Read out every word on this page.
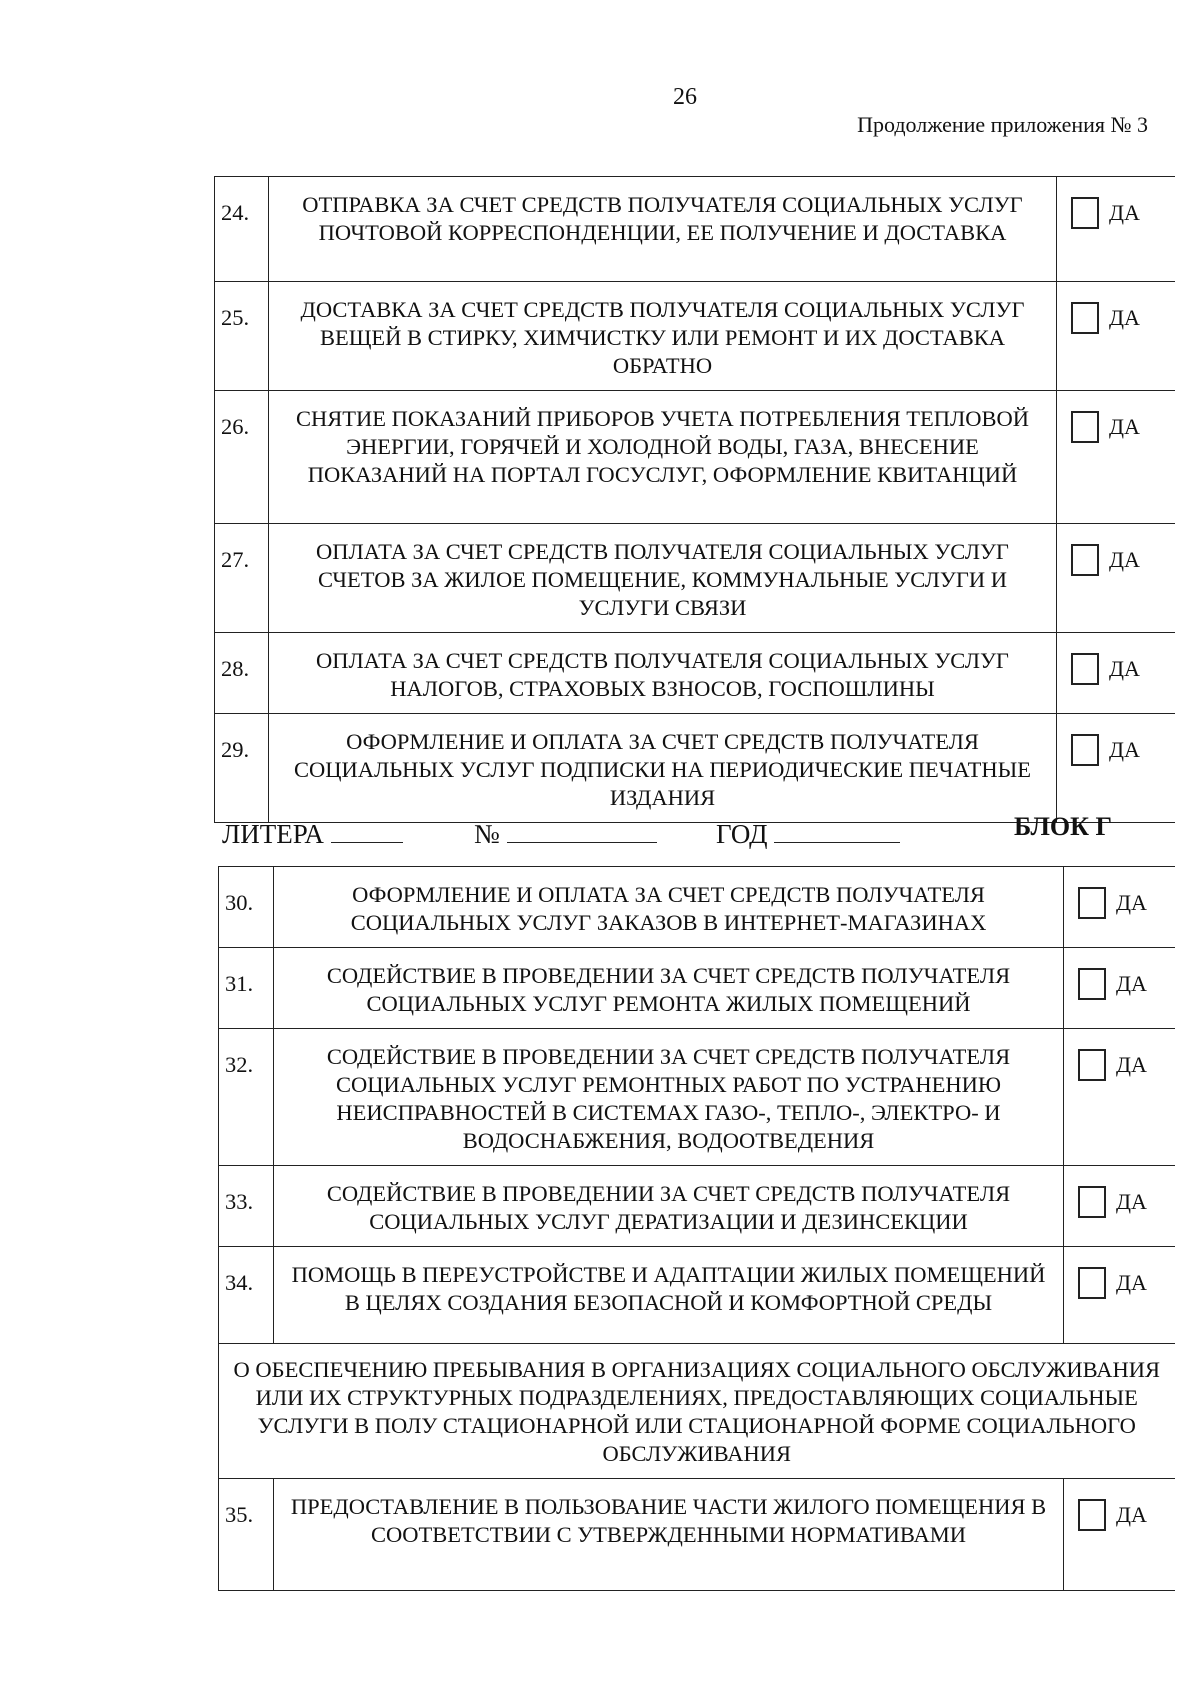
26
Продолжение приложения № 3
24.	ОТПРАВКА ЗА СЧЕТ СРЕДСТВ ПОЛУЧАТЕЛЯ СОЦИАЛЬНЫХ УСЛУГ ПОЧТОВОЙ КОРРЕСПОНДЕНЦИИ, ЕЕ ПОЛУЧЕНИЕ И ДОСТАВКА	ДА
25.	ДОСТАВКА ЗА СЧЕТ СРЕДСТВ ПОЛУЧАТЕЛЯ СОЦИАЛЬНЫХ УСЛУГ ВЕЩЕЙ В СТИРКУ, ХИМЧИСТКУ ИЛИ РЕМОНТ И ИХ ДОСТАВКА ОБРАТНО	ДА
26.	СНЯТИЕ ПОКАЗАНИЙ ПРИБОРОВ УЧЕТА ПОТРЕБЛЕНИЯ ТЕПЛОВОЙ ЭНЕРГИИ, ГОРЯЧЕЙ И ХОЛОДНОЙ ВОДЫ, ГАЗА, ВНЕСЕНИЕ ПОКАЗАНИЙ НА ПОРТАЛ ГОСУСЛУГ, ОФОРМЛЕНИЕ КВИТАНЦИЙ	ДА
27.	ОПЛАТА ЗА СЧЕТ СРЕДСТВ ПОЛУЧАТЕЛЯ СОЦИАЛЬНЫХ УСЛУГ СЧЕТОВ ЗА ЖИЛОЕ ПОМЕЩЕНИЕ, КОММУНАЛЬНЫЕ УСЛУГИ И УСЛУГИ СВЯЗИ	ДА
28.	ОПЛАТА ЗА СЧЕТ СРЕДСТВ ПОЛУЧАТЕЛЯ СОЦИАЛЬНЫХ УСЛУГ НАЛОГОВ, СТРАХОВЫХ ВЗНОСОВ, ГОСПОШЛИНЫ	ДА
29.	ОФОРМЛЕНИЕ И ОПЛАТА ЗА СЧЕТ СРЕДСТВ ПОЛУЧАТЕЛЯ СОЦИАЛЬНЫХ УСЛУГ ПОДПИСКИ НА ПЕРИОДИЧЕСКИЕ ПЕЧАТНЫЕ ИЗДАНИЯ	ДА
ЛИТЕРА	№	ГОД	БЛОК Г
30.	ОФОРМЛЕНИЕ И ОПЛАТА ЗА СЧЕТ СРЕДСТВ ПОЛУЧАТЕЛЯ СОЦИАЛЬНЫХ УСЛУГ ЗАКАЗОВ В ИНТЕРНЕТ-МАГАЗИНАХ	ДА
31.	СОДЕЙСТВИЕ В ПРОВЕДЕНИИ ЗА СЧЕТ СРЕДСТВ ПОЛУЧАТЕЛЯ СОЦИАЛЬНЫХ УСЛУГ РЕМОНТА ЖИЛЫХ ПОМЕЩЕНИЙ	ДА
32.	СОДЕЙСТВИЕ В ПРОВЕДЕНИИ ЗА СЧЕТ СРЕДСТВ ПОЛУЧАТЕЛЯ СОЦИАЛЬНЫХ УСЛУГ РЕМОНТНЫХ РАБОТ ПО УСТРАНЕНИЮ НЕИСПРАВНОСТЕЙ В СИСТЕМАХ ГАЗО-, ТЕПЛО-, ЭЛЕКТРО- И ВОДОСНАБЖЕНИЯ, ВОДООТВЕДЕНИЯ	ДА
33.	СОДЕЙСТВИЕ В ПРОВЕДЕНИИ ЗА СЧЕТ СРЕДСТВ ПОЛУЧАТЕЛЯ СОЦИАЛЬНЫХ УСЛУГ ДЕРАТИЗАЦИИ И ДЕЗИНСЕКЦИИ	ДА
34.	ПОМОЩЬ В ПЕРЕУСТРОЙСТВЕ И АДАПТАЦИИ ЖИЛЫХ ПОМЕЩЕНИЙ В ЦЕЛЯХ СОЗДАНИЯ БЕЗОПАСНОЙ И КОМФОРТНОЙ СРЕДЫ	ДА
О ОБЕСПЕЧЕНИЮ ПРЕБЫВАНИЯ В ОРГАНИЗАЦИЯХ СОЦИАЛЬНОГО ОБСЛУЖИВАНИЯ ИЛИ ИХ СТРУКТУРНЫХ ПОДРАЗДЕЛЕНИЯХ, ПРЕДОСТАВЛЯЮЩИХ СОЦИАЛЬНЫЕ УСЛУГИ В ПОЛУ СТАЦИОНАРНОЙ ИЛИ СТАЦИОНАРНОЙ ФОРМЕ СОЦИАЛЬНОГО ОБСЛУЖИВАНИЯ		
35.	ПРЕДОСТАВЛЕНИЕ В ПОЛЬЗОВАНИЕ ЧАСТИ ЖИЛОГО ПОМЕЩЕНИЯ В СООТВЕТСТВИИ С УТВЕРЖДЕННЫМИ НОРМАТИВАМИ	ДА
